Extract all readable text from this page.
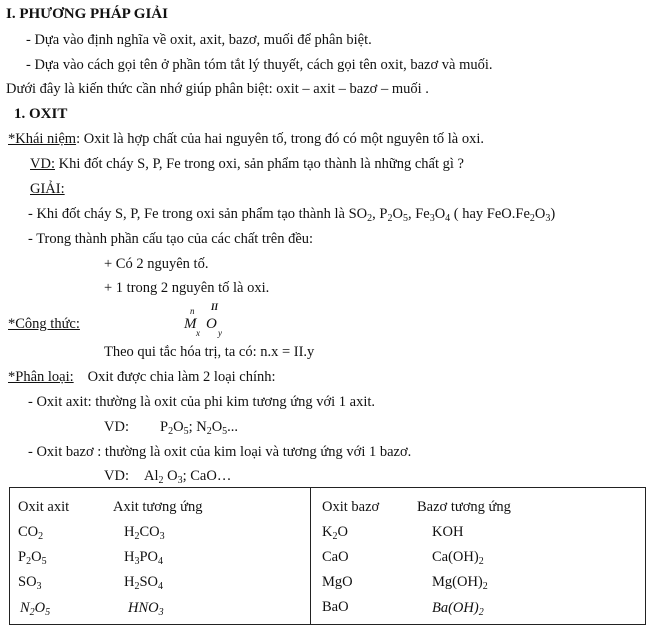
I. PHƯƠNG PHÁP GIẢI
- Dựa vào định nghĩa về oxit, axit, bazơ, muối để phân biệt.
- Dựa vào cách gọi tên ở phần tóm tắt lý thuyết, cách gọi tên oxit, bazơ và muối.
Dưới đây là kiến thức cần nhớ giúp phân biệt: oxit – axit – bazơ – muối .
1. OXIT
*Khái niệm: Oxit là hợp chất của hai nguyên tố, trong đó có một nguyên tố là oxi.
VD: Khi đốt cháy S, P, Fe trong oxi, sản phẩm tạo thành là những chất gì ?
GIẢI:
- Khi đốt cháy S, P, Fe trong oxi sản phẩm tạo thành là $SO_2$, $P_2O_5$, $Fe_3O_4$ ( hay $FeO.Fe_2O_3$)
- Trong thành phần cấu tạo của các chất trên đều:
+ Có 2 nguyên tố.
+ 1 trong 2 nguyên tố là oxi.
*Công thức:
n
M
x
II
O
y
Theo qui tắc hóa trị, ta có: n.x = II.y
*Phân loại: Oxit được chia làm 2 loại chính:
- Oxit axit: thường là oxit của phi kim tương ứng với 1 axit.
VD: $P_2O_5$; $N_2O_5$...
- Oxit bazơ : thường là oxit của kim loại và tương ứng với 1 bazơ.
VD: $Al_2$ $O_3$; CaO…
Oxit axit	Axit tương ứng	Oxit bazơ	Bazơ tương ứng
$CO_2$	$H_2CO_3$	$K_2O$	KOH
$P_2O_5$	$H_3PO_4$	CaO	$Ca(OH)_2$
$SO_3$	$H_2SO_4$	MgO	$Mg(OH)_2$
$N_2O_5$	$HNO_3$	BaO	$Ba(OH)_2$
